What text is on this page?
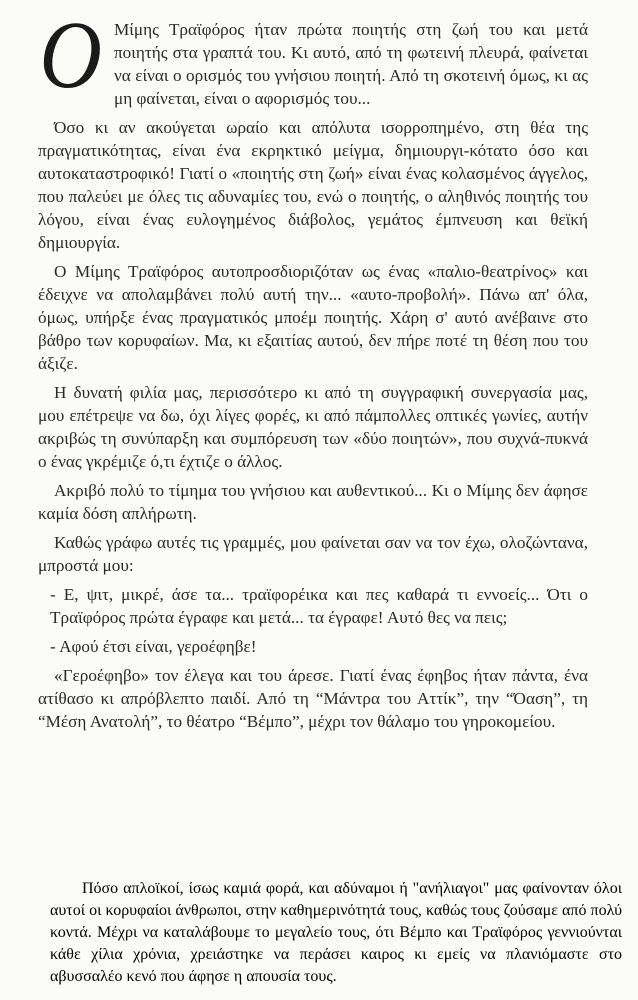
Ο Μίμης Τραϊφόρος ήταν πρώτα ποιητής στη ζωή του και μετά ποιητής στα γραπτά του. Κι αυτό, από τη φωτεινή πλευρά, φαίνεται να είναι ο ορισμός του γνήσιου ποιητή. Από τη σκοτεινή όμως, κι ας μη φαίνεται, είναι ο αφορισμός του...

Όσο κι αν ακούγεται ωραίο και απόλυτα ισορροπημένο, στη θέα της πραγματικότητας, είναι ένα εκρηκτικό μείγμα, δημιουργι-κότατο όσο και αυτοκαταστροφικό! Γιατί ο «ποιητής στη ζωή» είναι ένας κολασμένος άγγελος, που παλεύει με όλες τις αδυναμίες του, ενώ ο ποιητής, ο αληθινός ποιητής του λόγου, είναι ένας ευλογημένος διάβολος, γεμάτος έμπνευση και θεϊκή δημιουργία.

Ο Μίμης Τραϊφόρος αυτοπροσδιοριζόταν ως ένας «παλιο-θεατρίνος» και έδειχνε να απολαμβάνει πολύ αυτή την... «αυτο-προβολή». Πάνω απ' όλα, όμως, υπήρξε ένας πραγματικός μποέμ ποιητής. Χάρη σ' αυτό ανέβαινε στο βάθρο των κορυφαίων. Μα, κι εξαιτίας αυτού, δεν πήρε ποτέ τη θέση που του άξιζε.

Η δυνατή φιλία μας, περισσότερο κι από τη συγγραφική συνεργασία μας, μου επέτρεψε να δω, όχι λίγες φορές, κι από πάμπολλες οπτικές γωνίες, αυτήν ακριβώς τη συνύπαρξη και συμπόρευση των «δύο ποιητών», που συχνά-πυκνά ο ένας γκρέμιζε ό,τι έχτιζε ο άλλος.

Ακριβό πολύ το τίμημα του γνήσιου και αυθεντικού... Κι ο Μίμης δεν άφησε καμία δόση απλήρωτη.

Καθώς γράφω αυτές τις γραμμές, μου φαίνεται σαν να τον έχω, ολοζώντανα, μπροστά μου:

- Ε, ψιτ, μικρέ, άσε τα... τραϊφορέικα και πες καθαρά τι εννοείς... Ότι ο Τραϊφόρος πρώτα έγραφε και μετά... τα έγραφε! Αυτό θες να πεις;

- Αφού έτσι είναι, γεροέφηβε!

«Γεροέφηβο» τον έλεγα και του άρεσε. Γιατί ένας έφηβος ήταν πάντα, ένα ατίθασο κι απρόβλεπτο παιδί. Από τη “Μάντρα του Αττίκ”, την “Όαση”, τη “Μέση Ανατολή”, το θέατρο “Βέμπο”, μέχρι τον θάλαμο του γηροκομείου.

Πόσο απλοϊκοί, ίσως καμιά φορά, και αδύναμοι ή "ανήλιαγοι" μας φαίνονταν όλοι αυτοί οι κορυφαίοι άνθρωποι, στην καθημερινότητά τους, καθώς τους ζούσαμε από πολύ κοντά. Μέχρι να καταλάβουμε το μεγαλείο τους, ότι Βέμπο και Τραϊφόρος γεννιούνται κάθε χίλια χρόνια, χρειάστηκε να περάσει καιρος κι εμείς να πλανιόμαστε στο αβυσσαλέο κενό που άφησε η απουσία τους.
